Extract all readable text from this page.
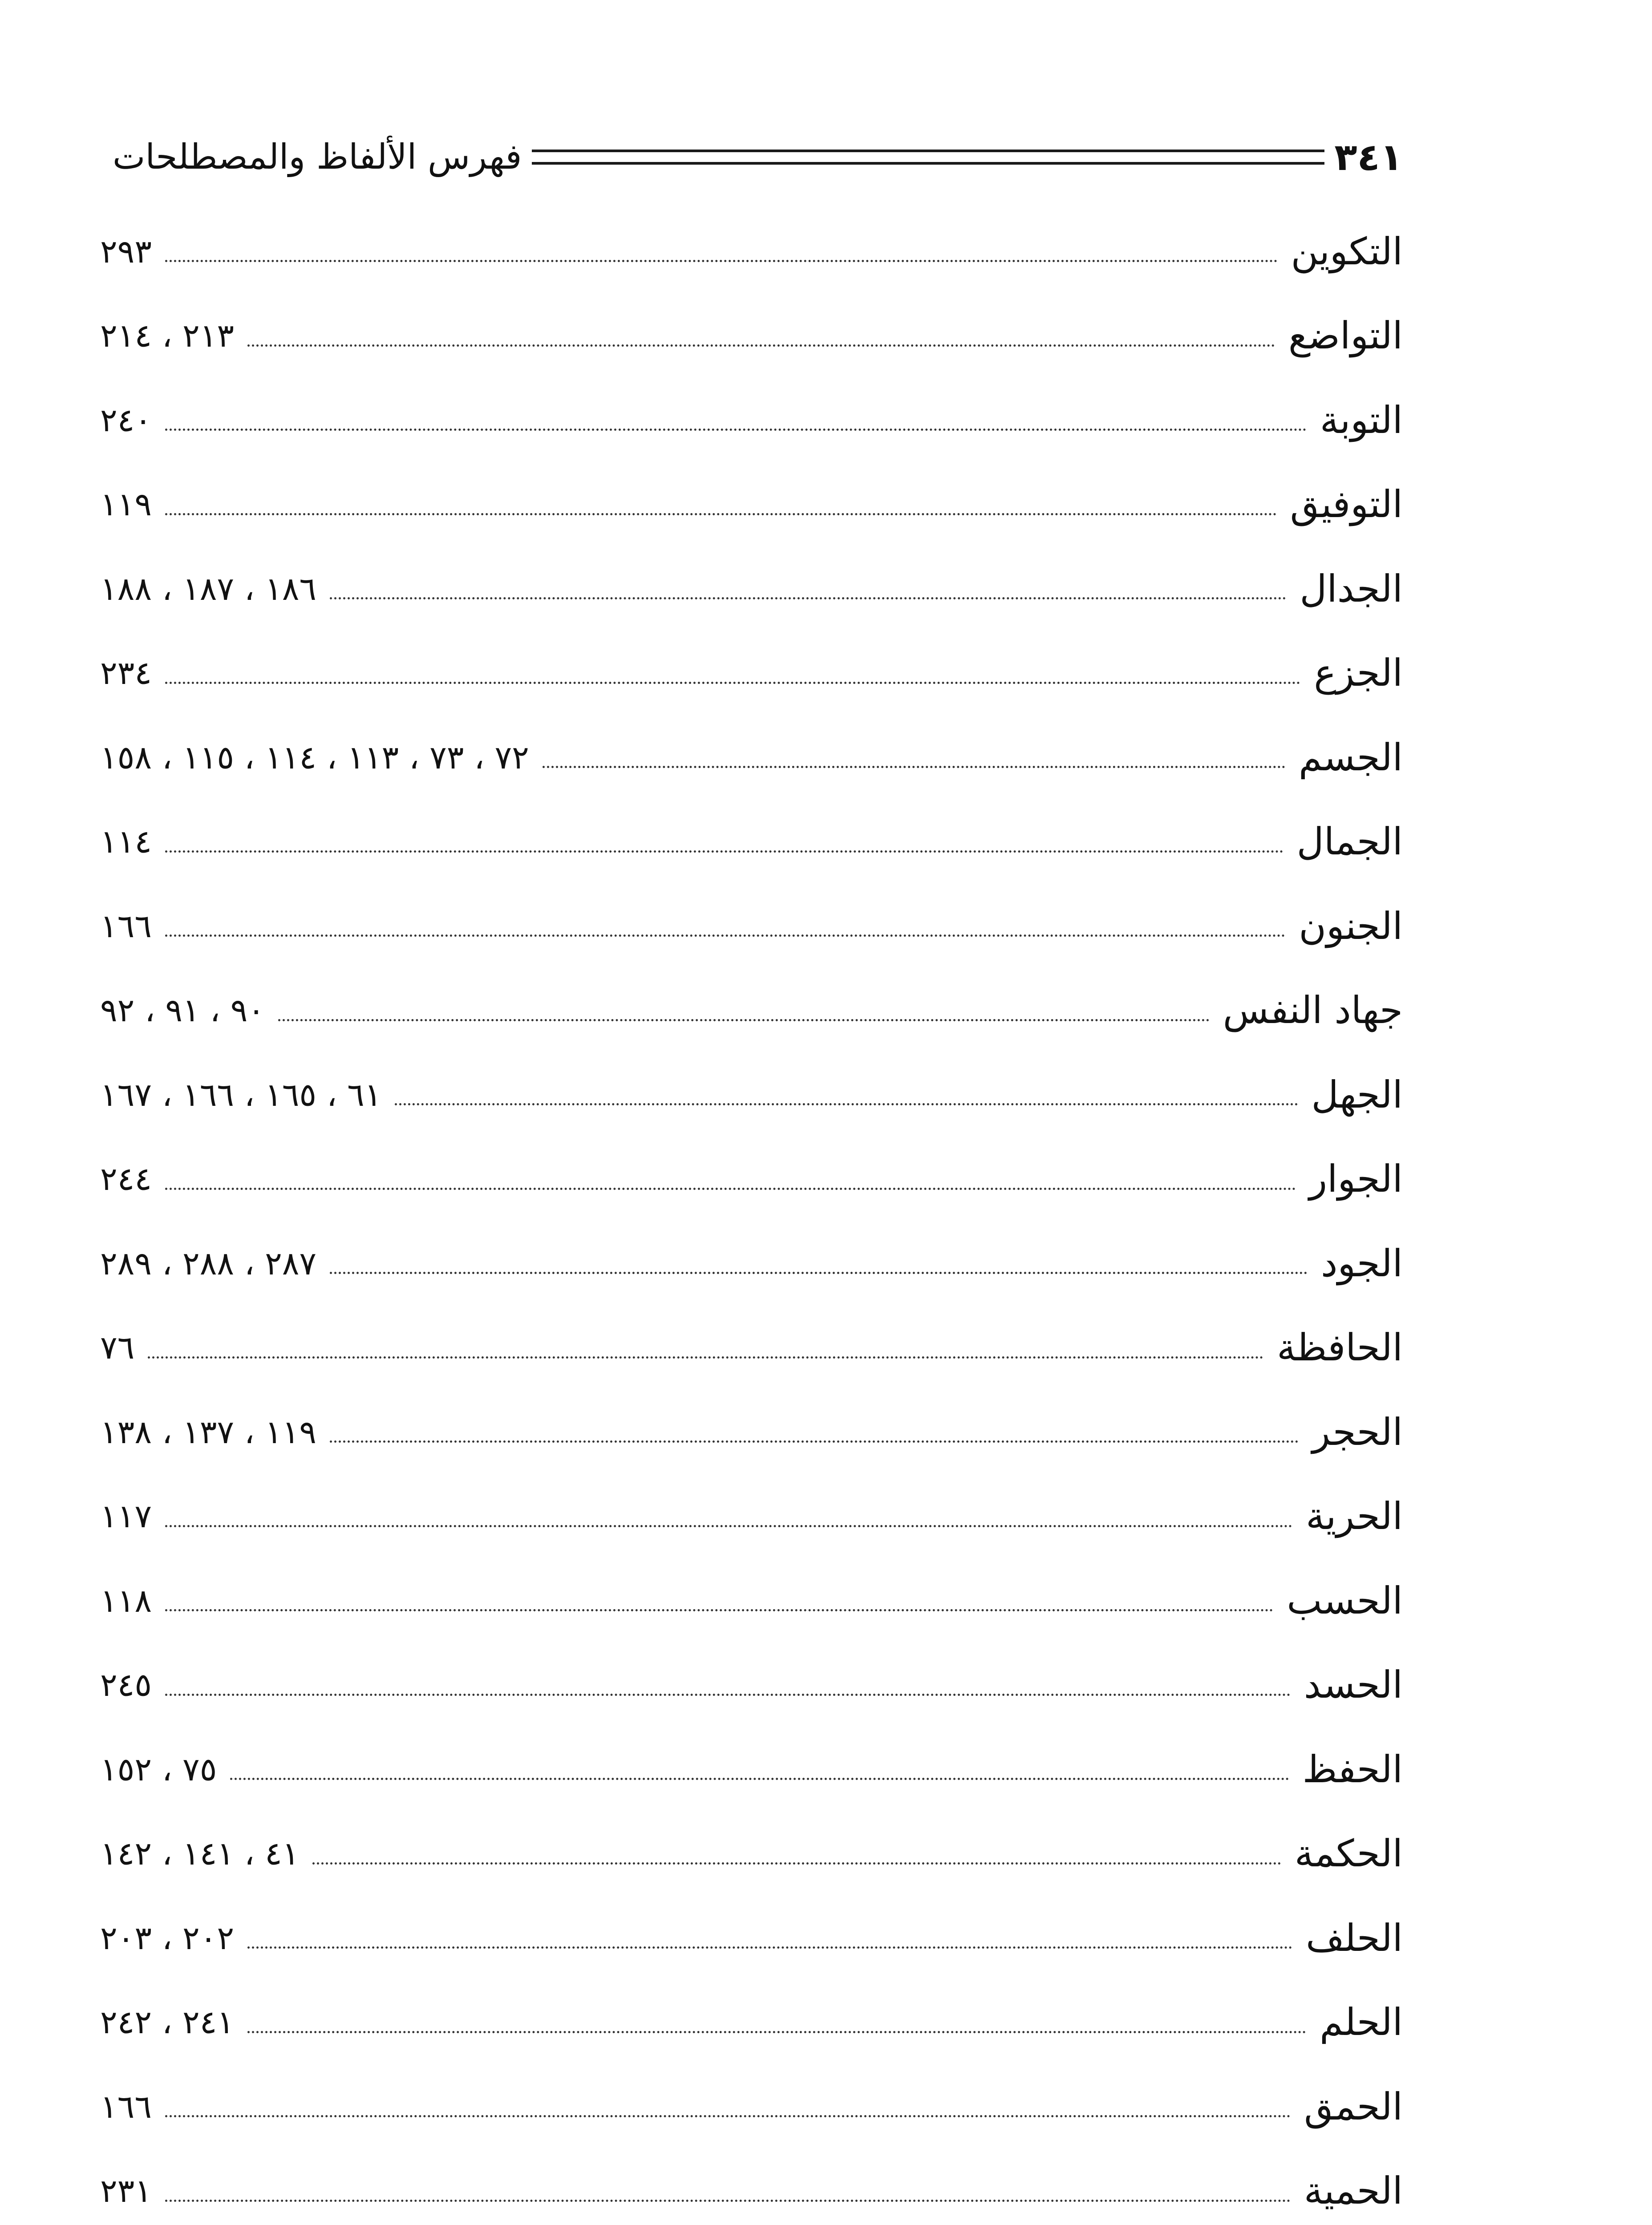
فهرس الألفاظ والمصطلحات	٣٤١
التكوين
٢٩٣
التواضع
٢١٣ ، ٢١٤
التوبة
٢٤٠
التوفيق
١١٩
الجدال
١٨٦ ، ١٨٧ ، ١٨٨
الجزع
٢٣٤
الجسم
٧٢ ، ٧٣ ، ١١٣ ، ١١٤ ، ١١٥ ، ١٥٨
الجمال
١١٤
الجنون
١٦٦
جهاد النفس
٩٠ ، ٩١ ، ٩٢
الجهل
٦١ ، ١٦٥ ، ١٦٦ ، ١٦٧
الجوار
٢٤٤
الجود
٢٨٧ ، ٢٨٨ ، ٢٨٩
الحافظة
٧٦
الحجر
١١٩ ، ١٣٧ ، ١٣٨
الحرية
١١٧
الحسب
١١٨
الحسد
٢٤٥
الحفظ
٧٥ ، ١٥٢
الحكمة
٤١ ، ١٤١ ، ١٤٢
الحلف
٢٠٢ ، ٢٠٣
الحلم
٢٤١ ، ٢٤٢
الحمق
١٦٦
الحمية
٢٣١
